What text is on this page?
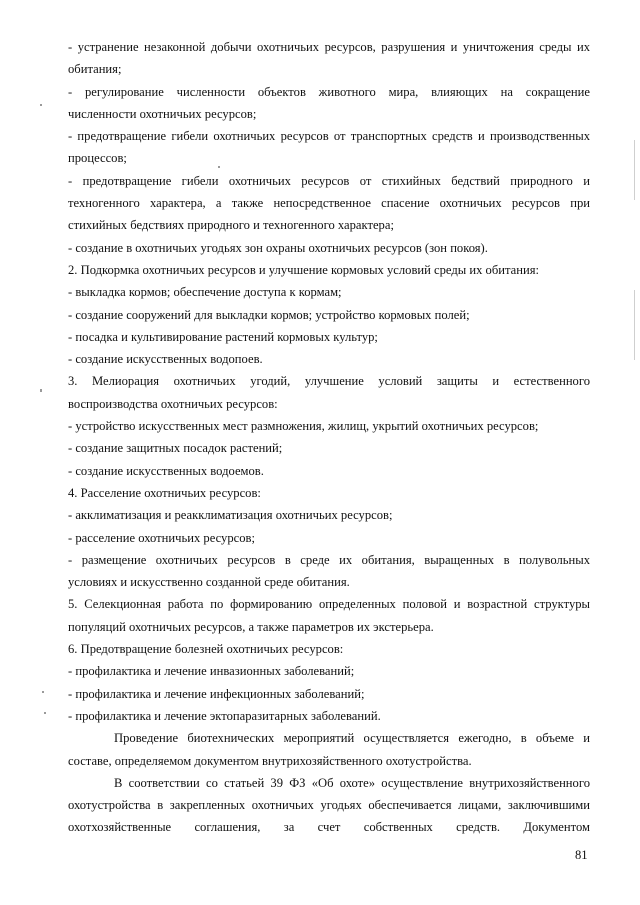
- устранение незаконной добычи охотничьих ресурсов, разрушения и уничтожения среды их
обитания;
- регулирование численности объектов животного мира, влияющих на сокращение
численности охотничьих ресурсов;
- предотвращение гибели охотничьих ресурсов от транспортных средств и производственных
процессов;
- предотвращение гибели охотничьих ресурсов от стихийных бедствий природного и
техногенного характера, а также непосредственное спасение охотничьих ресурсов при
стихийных бедствиях природного и техногенного характера;
- создание в охотничьих угодьях зон охраны охотничьих ресурсов (зон покоя).
2. Подкормка охотничьих ресурсов и улучшение кормовых условий среды их обитания:
- выкладка кормов; обеспечение доступа к кормам;
- создание сооружений для выкладки кормов; устройство кормовых полей;
- посадка и культивирование растений кормовых культур;
- создание искусственных водопоев.
3. Мелиорация охотничьих угодий, улучшение условий защиты и естественного
воспроизводства охотничьих ресурсов:
- устройство искусственных мест размножения, жилищ, укрытий охотничьих ресурсов;
- создание защитных посадок растений;
- создание искусственных водоемов.
4. Расселение охотничьих ресурсов:
- акклиматизация и реакклиматизация охотничьих ресурсов;
- расселение охотничьих ресурсов;
- размещение охотничьих ресурсов в среде их обитания, выращенных в полувольных
условиях и искусственно созданной среде обитания.
5. Селекционная работа по формированию определенных половой и возрастной структуры
популяций охотничьих ресурсов, а также параметров их экстерьера.
6. Предотвращение болезней охотничьих ресурсов:
- профилактика и лечение инвазионных заболеваний;
- профилактика и лечение инфекционных заболеваний;
- профилактика и лечение эктопаразитарных заболеваний.
Проведение биотехнических мероприятий осуществляется ежегодно, в объеме и
составе, определяемом документом внутрихозяйственного охотустройства.
В соответствии со статьей 39 ФЗ «Об охоте» осуществление внутрихозяйственного
охотустройства в закрепленных охотничьих угодьях обеспечивается лицами, заключившими
охотхозяйственные соглашения, за счет собственных средств. Документом
81
